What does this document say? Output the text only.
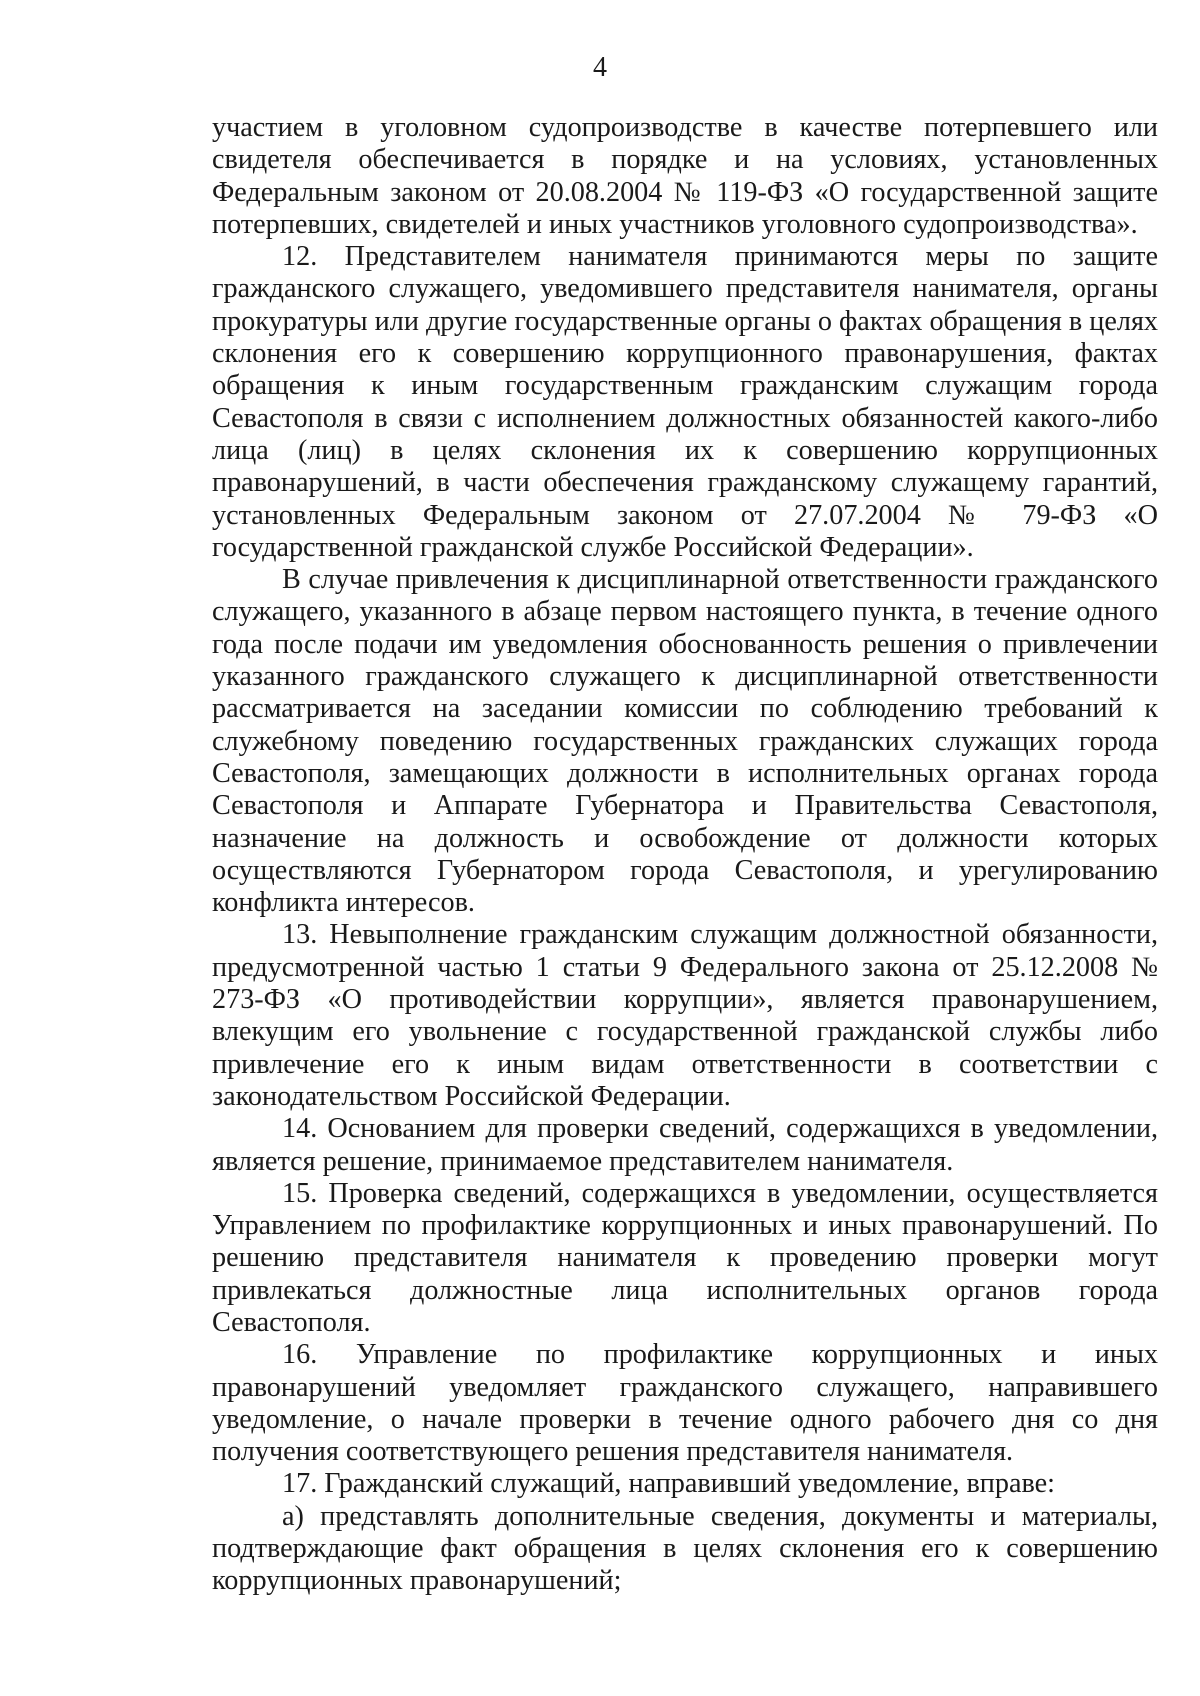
4

участием в уголовном судопроизводстве в качестве потерпевшего или свидетеля обеспечивается в порядке и на условиях, установленных Федеральным законом от 20.08.2004 № 119-ФЗ «О государственной защите потерпевших, свидетелей и иных участников уголовного судопроизводства».

12. Представителем нанимателя принимаются меры по защите гражданского служащего, уведомившего представителя нанимателя, органы прокуратуры или другие государственные органы о фактах обращения в целях склонения его к совершению коррупционного правонарушения, фактах обращения к иным государственным гражданским служащим города Севастополя в связи с исполнением должностных обязанностей какого-либо лица (лиц) в целях склонения их к совершению коррупционных правонарушений, в части обеспечения гражданскому служащему гарантий, установленных Федеральным законом от 27.07.2004 № 79-ФЗ «О государственной гражданской службе Российской Федерации».

В случае привлечения к дисциплинарной ответственности гражданского служащего, указанного в абзаце первом настоящего пункта, в течение одного года после подачи им уведомления обоснованность решения о привлечении указанного гражданского служащего к дисциплинарной ответственности рассматривается на заседании комиссии по соблюдению требований к служебному поведению государственных гражданских служащих города Севастополя, замещающих должности в исполнительных органах города Севастополя и Аппарате Губернатора и Правительства Севастополя, назначение на должность и освобождение от должности которых осуществляются Губернатором города Севастополя, и урегулированию конфликта интересов.

13. Невыполнение гражданским служащим должностной обязанности, предусмотренной частью 1 статьи 9 Федерального закона от 25.12.2008 № 273-ФЗ «О противодействии коррупции», является правонарушением, влекущим его увольнение с государственной гражданской службы либо привлечение его к иным видам ответственности в соответствии с законодательством Российской Федерации.

14. Основанием для проверки сведений, содержащихся в уведомлении, является решение, принимаемое представителем нанимателя.

15. Проверка сведений, содержащихся в уведомлении, осуществляется Управлением по профилактике коррупционных и иных правонарушений. По решению представителя нанимателя к проведению проверки могут привлекаться должностные лица исполнительных органов города Севастополя.

16. Управление по профилактике коррупционных и иных правонарушений уведомляет гражданского служащего, направившего уведомление, о начале проверки в течение одного рабочего дня со дня получения соответствующего решения представителя нанимателя.

17. Гражданский служащий, направивший уведомление, вправе:

а) представлять дополнительные сведения, документы и материалы, подтверждающие факт обращения в целях склонения его к совершению коррупционных правонарушений;
